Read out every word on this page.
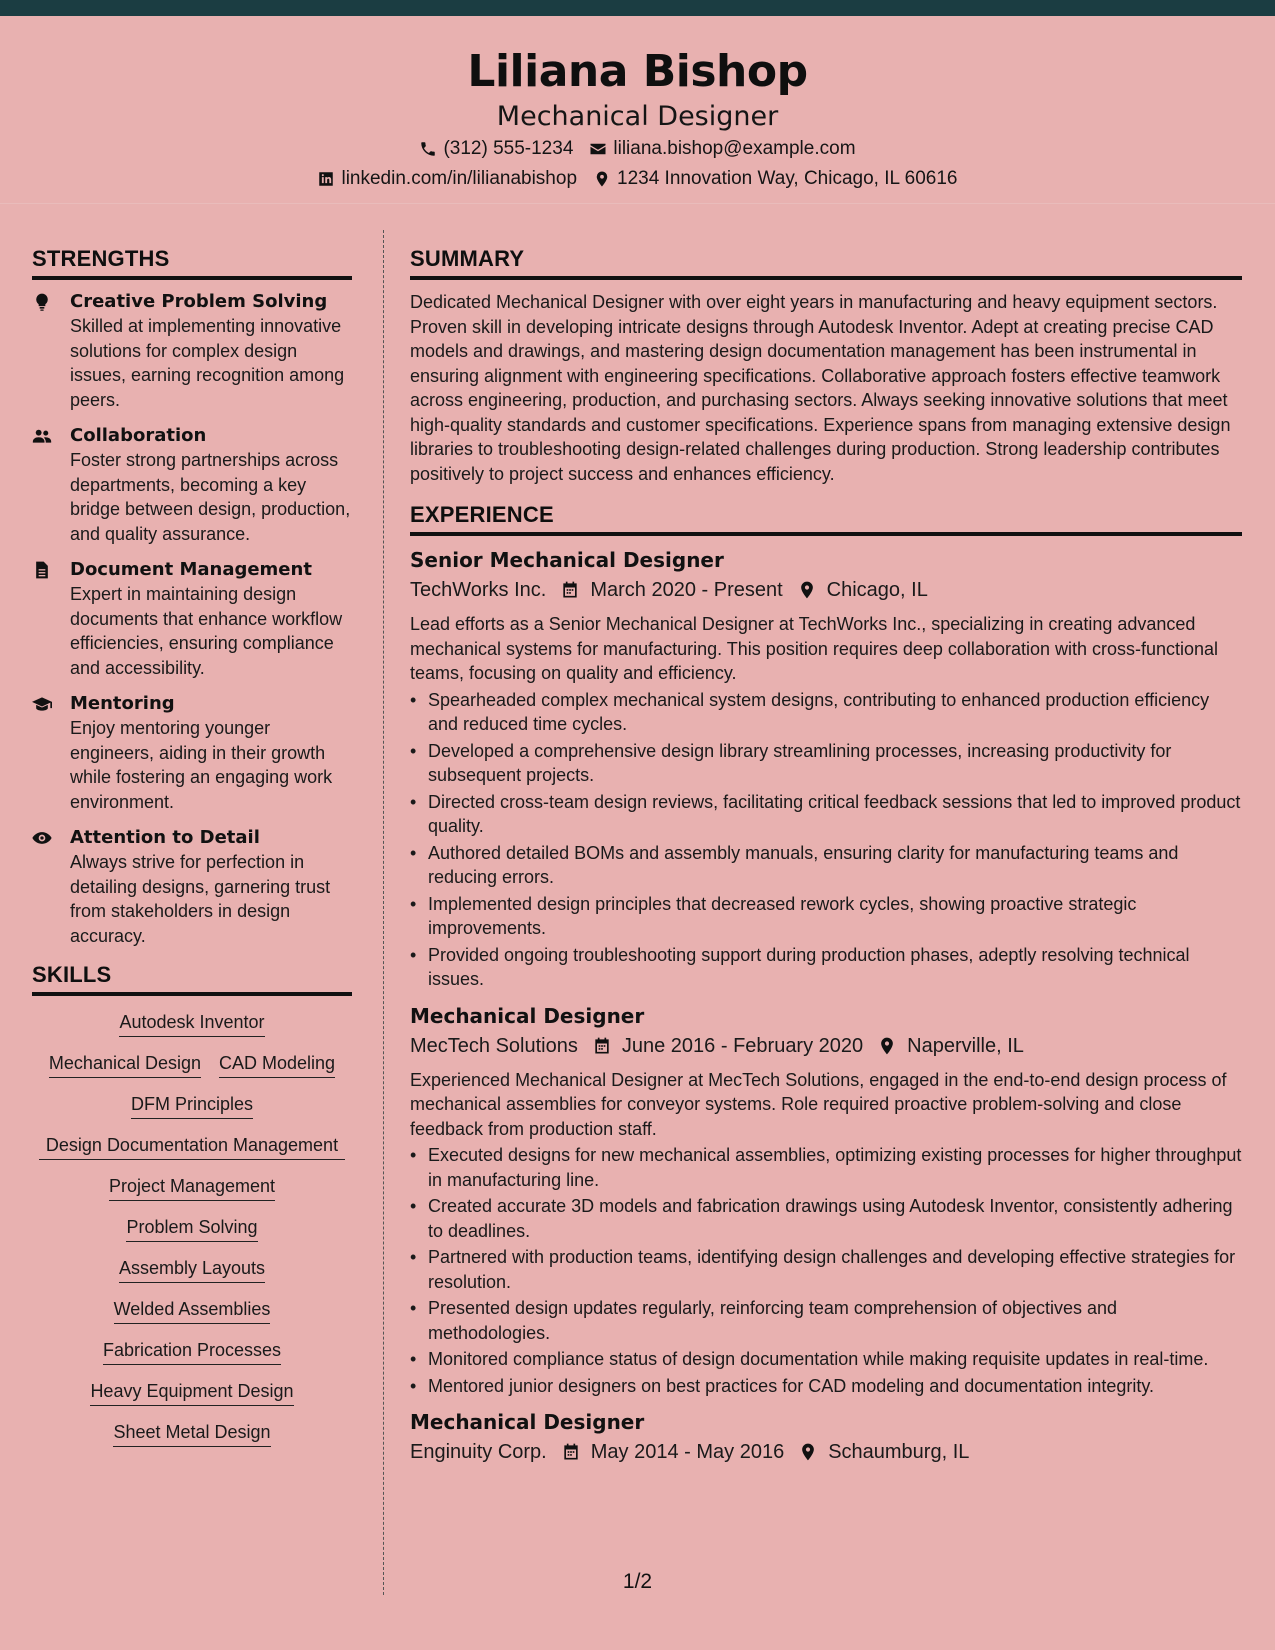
Liliana Bishop
Mechanical Designer
(312) 555-1234 liliana.bishop@example.com
linkedin.com/in/lilianabishop 1234 Innovation Way, Chicago, IL 60616
STRENGTHS
Creative Problem Solving
Skilled at implementing innovative solutions for complex design issues, earning recognition among peers.
Collaboration
Foster strong partnerships across departments, becoming a key bridge between design, production, and quality assurance.
Document Management
Expert in maintaining design documents that enhance workflow efficiencies, ensuring compliance and accessibility.
Mentoring
Enjoy mentoring younger engineers, aiding in their growth while fostering an engaging work environment.
Attention to Detail
Always strive for perfection in detailing designs, garnering trust from stakeholders in design accuracy.
SKILLS
Autodesk Inventor
Mechanical Design CAD Modeling
DFM Principles
Design Documentation Management
Project Management
Problem Solving
Assembly Layouts
Welded Assemblies
Fabrication Processes
Heavy Equipment Design
Sheet Metal Design
SUMMARY
Dedicated Mechanical Designer with over eight years in manufacturing and heavy equipment sectors. Proven skill in developing intricate designs through Autodesk Inventor. Adept at creating precise CAD models and drawings, and mastering design documentation management has been instrumental in ensuring alignment with engineering specifications. Collaborative approach fosters effective teamwork across engineering, production, and purchasing sectors. Always seeking innovative solutions that meet high-quality standards and customer specifications. Experience spans from managing extensive design libraries to troubleshooting design-related challenges during production. Strong leadership contributes positively to project success and enhances efficiency.
EXPERIENCE
Senior Mechanical Designer
TechWorks Inc. March 2020 - Present Chicago, IL
Lead efforts as a Senior Mechanical Designer at TechWorks Inc., specializing in creating advanced mechanical systems for manufacturing. This position requires deep collaboration with cross-functional teams, focusing on quality and efficiency.
• Spearheaded complex mechanical system designs, contributing to enhanced production efficiency and reduced time cycles.
• Developed a comprehensive design library streamlining processes, increasing productivity for subsequent projects.
• Directed cross-team design reviews, facilitating critical feedback sessions that led to improved product quality.
• Authored detailed BOMs and assembly manuals, ensuring clarity for manufacturing teams and reducing errors.
• Implemented design principles that decreased rework cycles, showing proactive strategic improvements.
• Provided ongoing troubleshooting support during production phases, adeptly resolving technical issues.
Mechanical Designer
MecTech Solutions June 2016 - February 2020 Naperville, IL
Experienced Mechanical Designer at MecTech Solutions, engaged in the end-to-end design process of mechanical assemblies for conveyor systems. Role required proactive problem-solving and close feedback from production staff.
• Executed designs for new mechanical assemblies, optimizing existing processes for higher throughput in manufacturing line.
• Created accurate 3D models and fabrication drawings using Autodesk Inventor, consistently adhering to deadlines.
• Partnered with production teams, identifying design challenges and developing effective strategies for resolution.
• Presented design updates regularly, reinforcing team comprehension of objectives and methodologies.
• Monitored compliance status of design documentation while making requisite updates in real-time.
• Mentored junior designers on best practices for CAD modeling and documentation integrity.
Mechanical Designer
Enginuity Corp. May 2014 - May 2016 Schaumburg, IL
1/2
